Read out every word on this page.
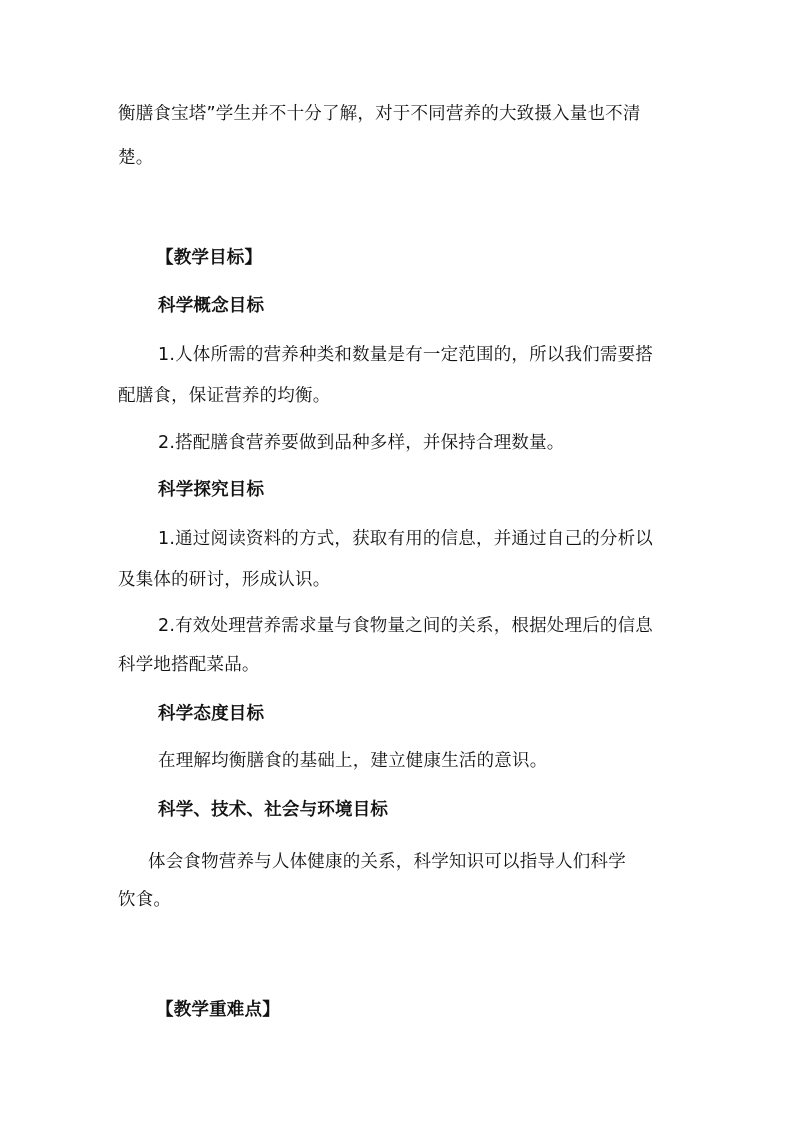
衡膳食宝塔”学生并不十分了解，对于不同营养的大致摄入量也不清

楚。

【教学目标】

科学概念目标

1.人体所需的营养种类和数量是有一定范围的，所以我们需要搭

配膳食，保证营养的均衡。

2.搭配膳食营养要做到品种多样，并保持合理数量。

科学探究目标

1.通过阅读资料的方式，获取有用的信息，并通过自己的分析以

及集体的研讨，形成认识。

2.有效处理营养需求量与食物量之间的关系，根据处理后的信息

科学地搭配菜品。

科学态度目标

在理解均衡膳食的基础上，建立健康生活的意识。

科学、技术、社会与环境目标

体会食物营养与人体健康的关系，科学知识可以指导人们科学

饮食。

【教学重难点】
